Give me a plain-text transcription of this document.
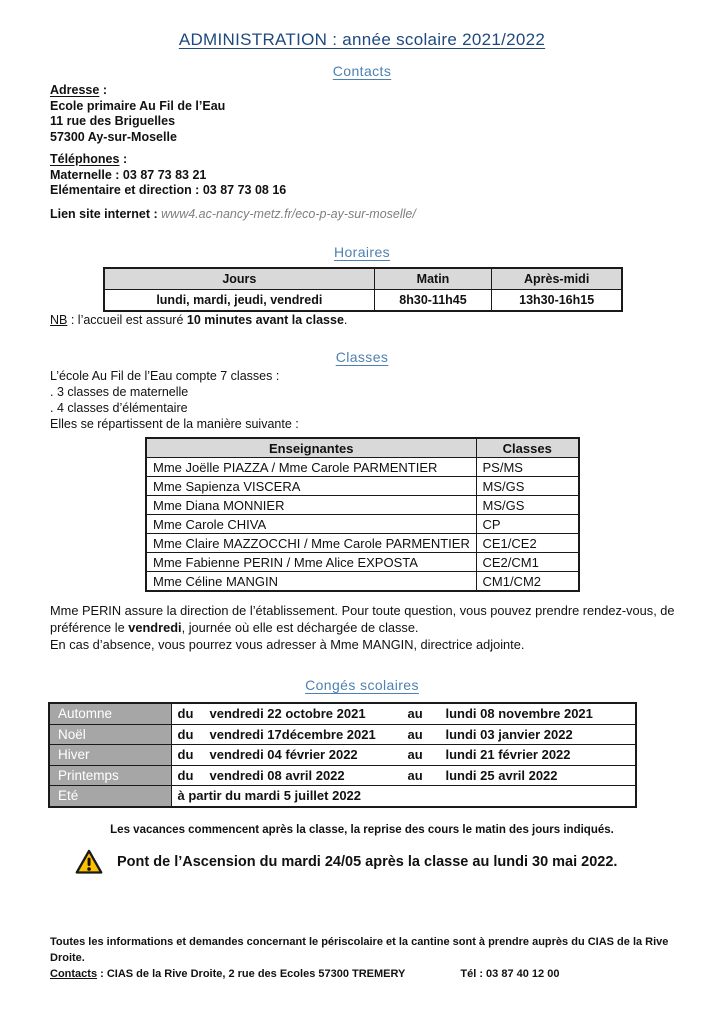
ADMINISTRATION : année scolaire 2021/2022
Contacts
Adresse :
Ecole primaire Au Fil de l’Eau
11 rue des Briguelles
57300 Ay-sur-Moselle
Téléphones :
Maternelle : 03 87 73 83 21
Elémentaire et direction : 03 87 73 08 16
Lien site internet : www4.ac-nancy-metz.fr/eco-p-ay-sur-moselle/
Horaires
Jours	Matin	Après-midi
lundi, mardi, jeudi, vendredi	8h30-11h45	13h30-16h15
NB : l’accueil est assuré 10 minutes avant la classe.
Classes
L’école Au Fil de l’Eau compte 7 classes :
. 3 classes de maternelle
. 4 classes d’élémentaire
Elles se répartissent de la manière suivante :
Enseignantes	Classes
Mme Joëlle PIAZZA / Mme Carole PARMENTIER	PS/MS
Mme Sapienza VISCERA	MS/GS
Mme Diana MONNIER	MS/GS
Mme Carole CHIVA	CP
Mme Claire MAZZOCCHI / Mme Carole PARMENTIER	CE1/CE2
Mme Fabienne PERIN / Mme Alice EXPOSTA	CE2/CM1
Mme Céline MANGIN	CM1/CM2
Mme PERIN assure la direction de l’établissement. Pour toute question, vous pouvez prendre rendez-vous, de préférence le vendredi, journée où elle est déchargée de classe.
En cas d’absence, vous pourrez vous adresser à Mme MANGIN, directrice adjointe.
Congés scolaires
Automne	du vendredi 22 octobre 2021 au lundi 08 novembre 2021

Noël	du vendredi 17décembre 2021 au lundi 03 janvier 2022

Hiver	du vendredi 04 février 2022 au lundi 21 février 2022

Printemps	du vendredi 08 avril 2022 au lundi 25 avril 2022

Eté	à partir du mardi 5 juillet 2022
Les vacances commencent après la classe, la reprise des cours le matin des jours indiqués.
Pont de l’Ascension du mardi 24/05 après la classe au lundi 30 mai 2022.
Toutes les informations et demandes concernant le périscolaire et la cantine sont à prendre auprès du CIAS de la Rive Droite.
Contacts : CIAS de la Rive Droite, 2 rue des Ecoles 57300 TREMERY	Tél : 03 87 40 12 00
